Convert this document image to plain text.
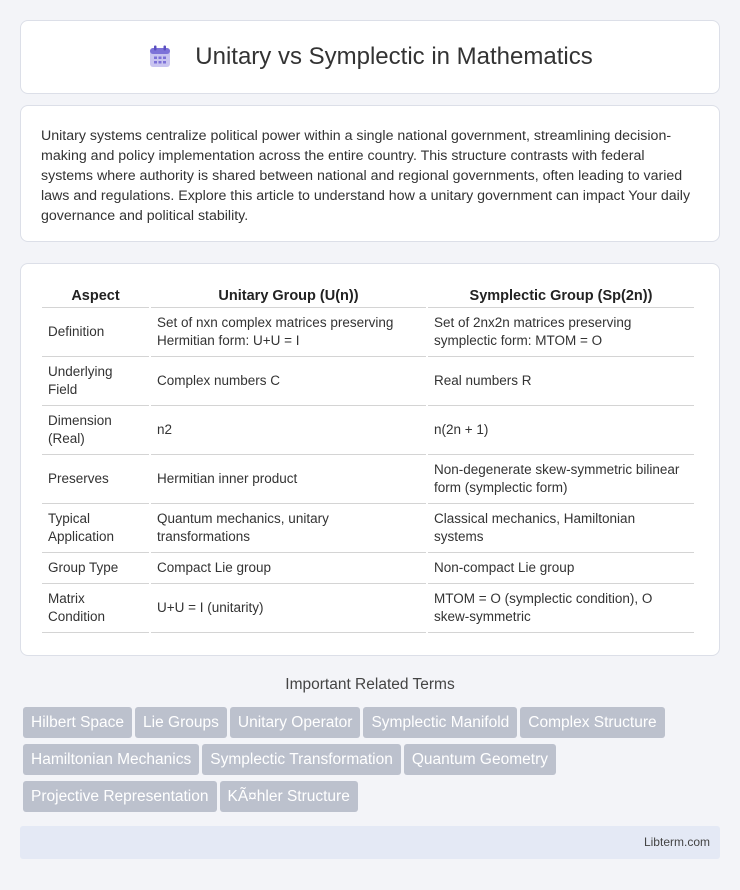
Unitary vs Symplectic in Mathematics

Unitary systems centralize political power within a single national government, streamlining decision-making and policy implementation across the entire country. This structure contrasts with federal systems where authority is shared between national and regional governments, often leading to varied laws and regulations. Explore this article to understand how a unitary government can impact Your daily governance and political stability.

Aspect	Unitary Group (U(n))	Symplectic Group (Sp(2n))
Definition	Set of nxn complex matrices preserving Hermitian form: U+U = I	Set of 2nx2n matrices preserving symplectic form: MTOM = O
Underlying Field	Complex numbers C	Real numbers R
Dimension (Real)	n2	n(2n + 1)
Preserves	Hermitian inner product	Non-degenerate skew-symmetric bilinear form (symplectic form)
Typical Application	Quantum mechanics, unitary transformations	Classical mechanics, Hamiltonian systems
Group Type	Compact Lie group	Non-compact Lie group
Matrix Condition	U+U = I (unitarity)	MTOM = O (symplectic condition), O skew-symmetric
Important Related Terms
Hilbert Space Lie Groups Unitary Operator Symplectic Manifold Complex Structure
Hamiltonian Mechanics Symplectic Transformation Quantum Geometry
Projective Representation KÃ¤hler Structure
Libterm.com
